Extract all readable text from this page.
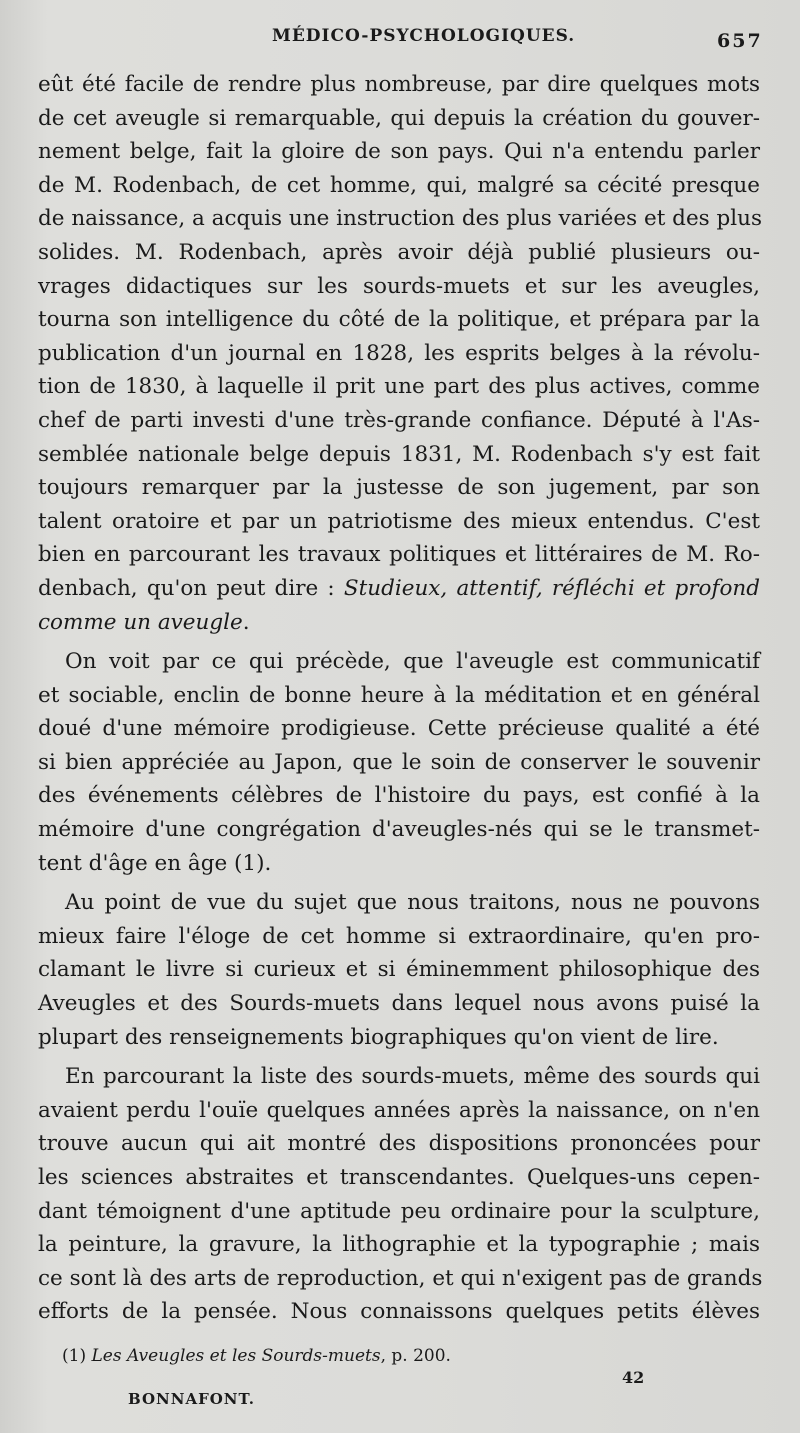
MÉDICO-PSYCHOLOGIQUES.	657
eût été facile de rendre plus nombreuse, par dire quelques mots
de cet aveugle si remarquable, qui depuis la création du gouver-
nement belge, fait la gloire de son pays. Qui n'a entendu parler
de M. Rodenbach, de cet homme, qui, malgré sa cécité presque
de naissance, a acquis une instruction des plus variées et des plus
solides. M. Rodenbach, après avoir déjà publié plusieurs ou-
vrages didactiques sur les sourds-muets et sur les aveugles,
tourna son intelligence du côté de la politique, et prépara par la
publication d'un journal en 1828, les esprits belges à la révolu-
tion de 1830, à laquelle il prit une part des plus actives, comme
chef de parti investi d'une très-grande confiance. Député à l'As-
semblée nationale belge depuis 1831, M. Rodenbach s'y est fait
toujours remarquer par la justesse de son jugement, par son
talent oratoire et par un patriotisme des mieux entendus. C'est
bien en parcourant les travaux politiques et littéraires de M. Ro-
denbach, qu'on peut dire : Studieux, attentif, réfléchi et profond
comme un aveugle.
On voit par ce qui précède, que l'aveugle est communicatif
et sociable, enclin de bonne heure à la méditation et en général
doué d'une mémoire prodigieuse. Cette précieuse qualité a été
si bien appréciée au Japon, que le soin de conserver le souvenir
des événements célèbres de l'histoire du pays, est confié à la
mémoire d'une congrégation d'aveugles-nés qui se le transmet-
tent d'âge en âge (1).
Au point de vue du sujet que nous traitons, nous ne pouvons
mieux faire l'éloge de cet homme si extraordinaire, qu'en pro-
clamant le livre si curieux et si éminemment philosophique des
Aveugles et des Sourds-muets dans lequel nous avons puisé la
plupart des renseignements biographiques qu'on vient de lire.
En parcourant la liste des sourds-muets, même des sourds qui
avaient perdu l'ouïe quelques années après la naissance, on n'en
trouve aucun qui ait montré des dispositions prononcées pour
les sciences abstraites et transcendantes. Quelques-uns cepen-
dant témoignent d'une aptitude peu ordinaire pour la sculpture,
la peinture, la gravure, la lithographie et la typographie ; mais
ce sont là des arts de reproduction, et qui n'exigent pas de grands
efforts de la pensée. Nous connaissons quelques petits élèves
(1) Les Aveugles et les Sourds-muets, p. 200.
42
BONNAFONT.
